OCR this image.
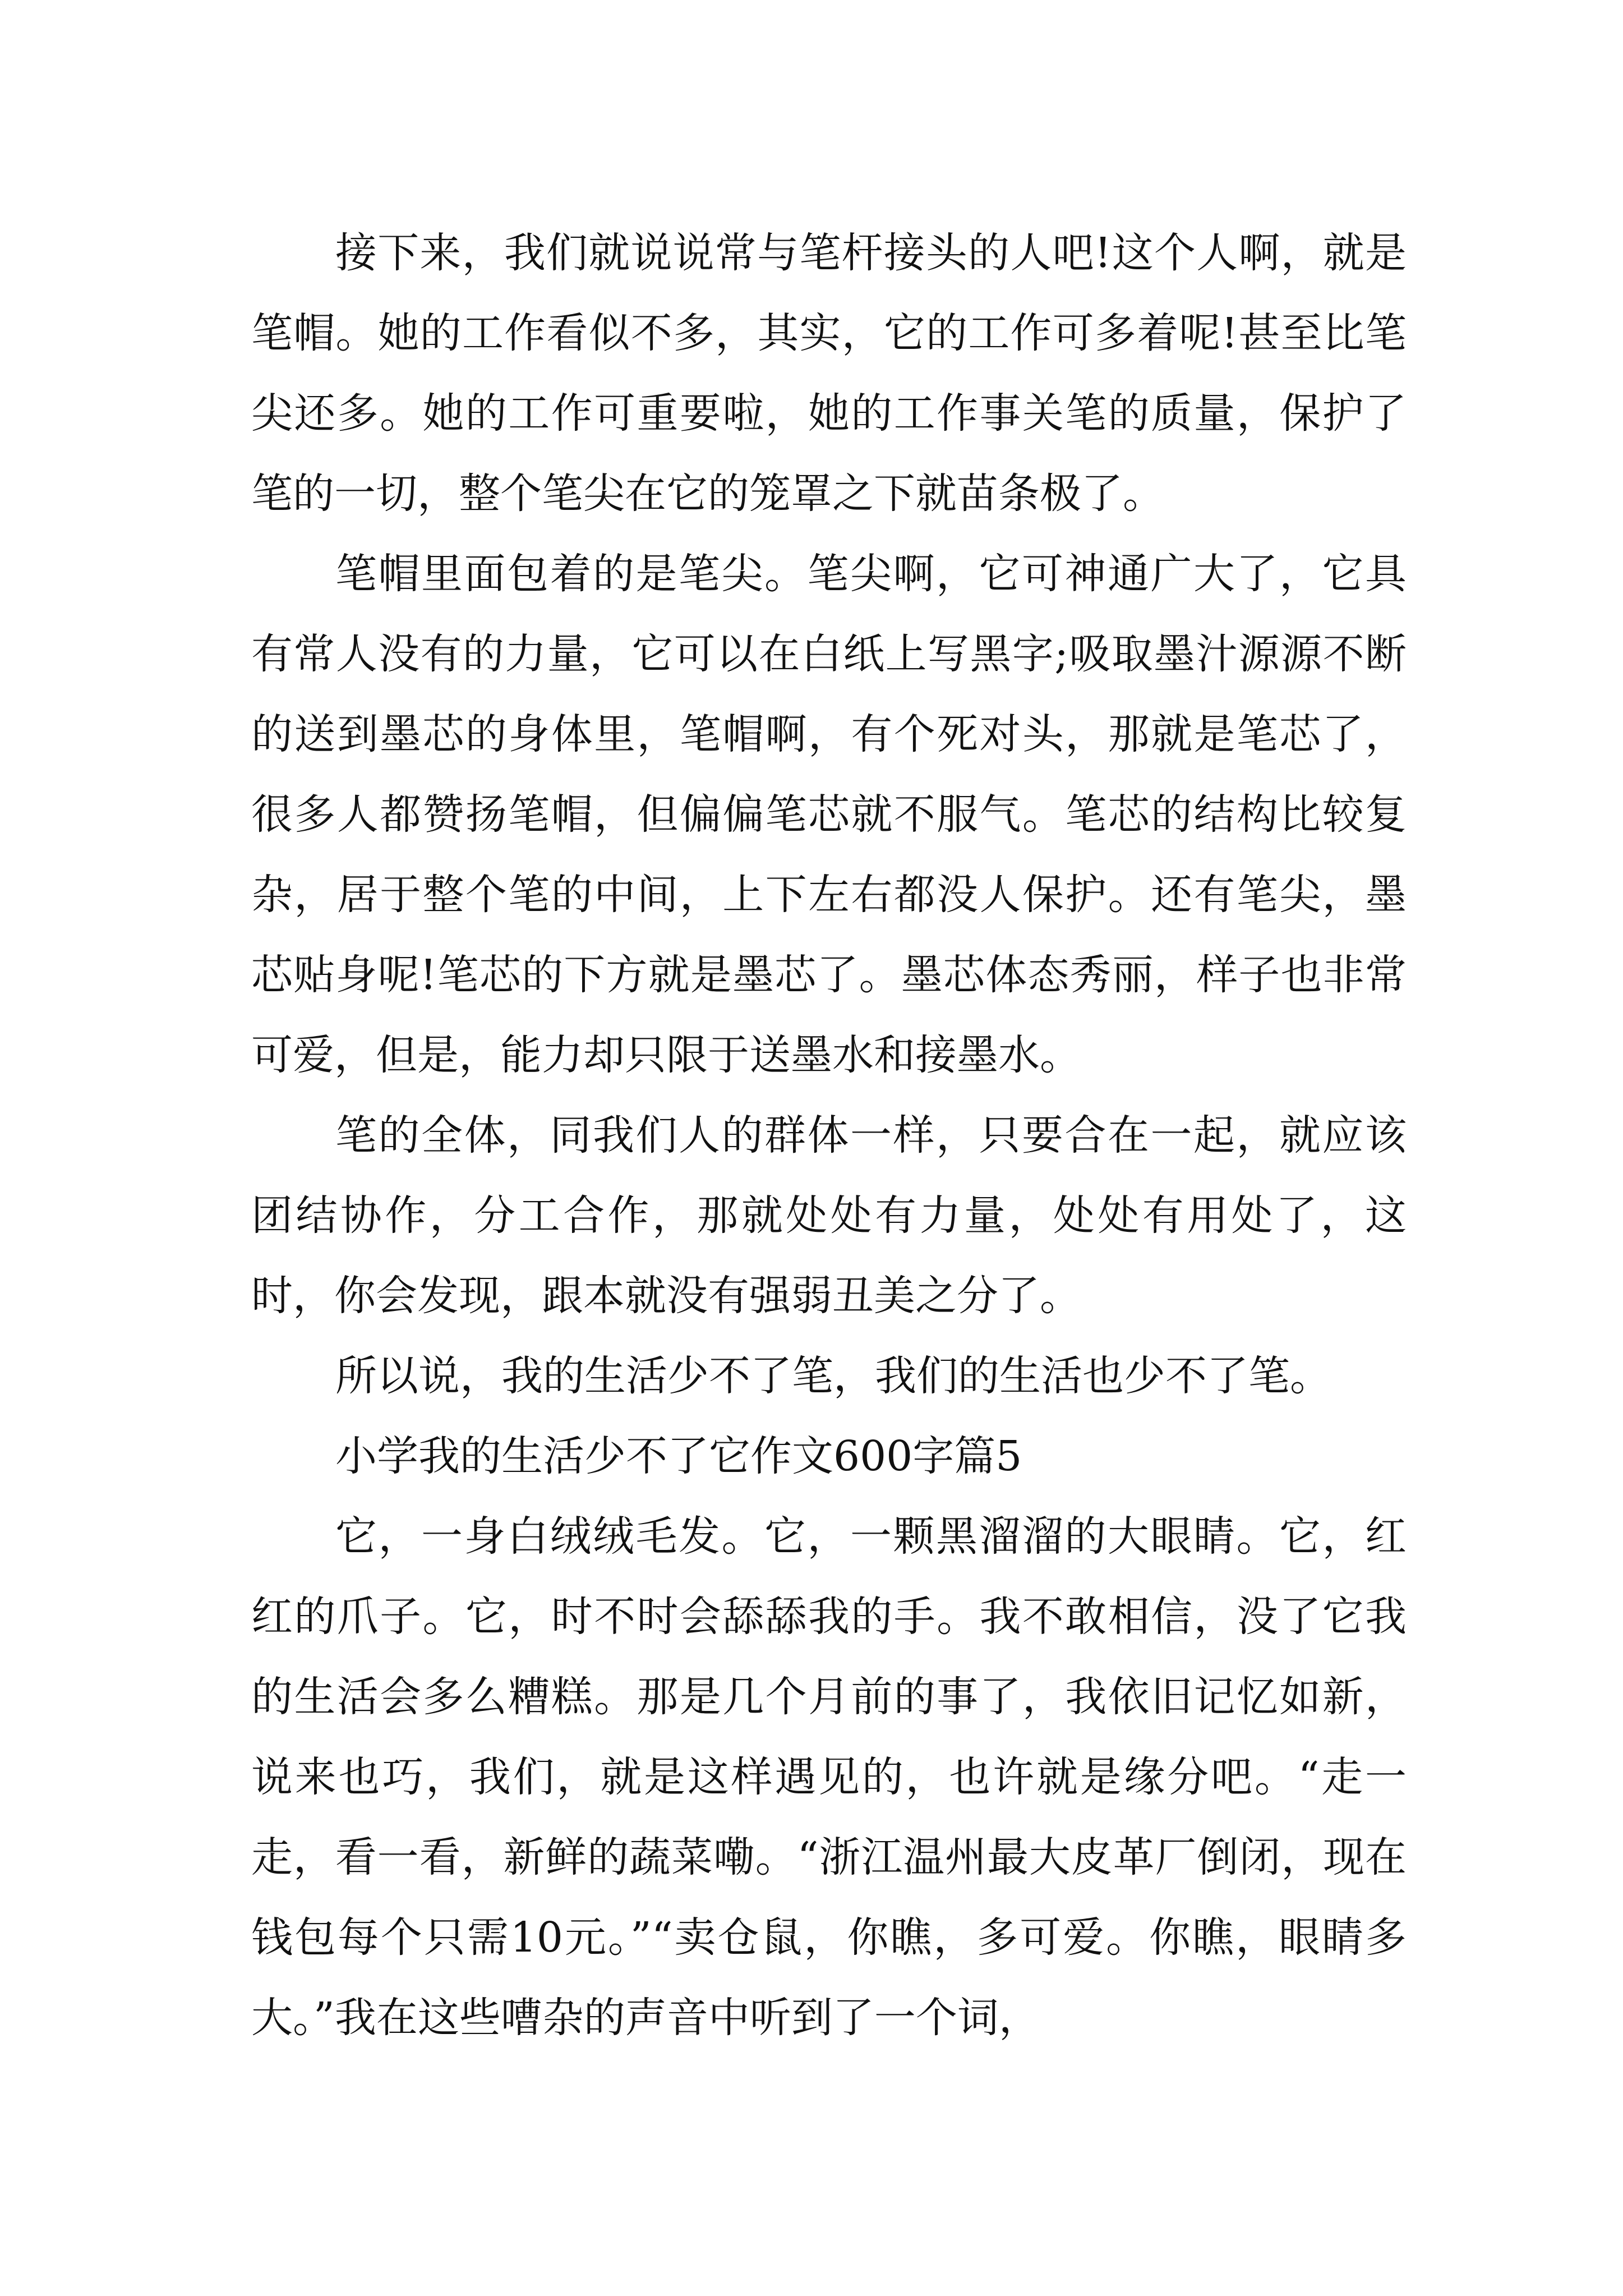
接下来，我们就说说常与笔杆接头的人吧!这个人啊，就是笔帽。她的工作看似不多，其实，它的工作可多着呢!甚至比笔尖还多。她的工作可重要啦，她的工作事关笔的质量，保护了笔的一切，整个笔尖在它的笼罩之下就苗条极了。

笔帽里面包着的是笔尖。笔尖啊，它可神通广大了，它具有常人没有的力量，它可以在白纸上写黑字;吸取墨汁源源不断的送到墨芯的身体里，笔帽啊，有个死对头，那就是笔芯了，很多人都赞扬笔帽，但偏偏笔芯就不服气。笔芯的结构比较复杂，居于整个笔的中间，上下左右都没人保护。还有笔尖，墨芯贴身呢!笔芯的下方就是墨芯了。墨芯体态秀丽，样子也非常可爱，但是，能力却只限于送墨水和接墨水。

笔的全体，同我们人的群体一样，只要合在一起，就应该团结协作，分工合作，那就处处有力量，处处有用处了，这时，你会发现，跟本就没有强弱丑美之分了。

所以说，我的生活少不了笔，我们的生活也少不了笔。

小学我的生活少不了它作文600字篇5

它，一身白绒绒毛发。它，一颗黑溜溜的大眼睛。它，红红的爪子。它，时不时会舔舔我的手。我不敢相信，没了它我的生活会多么糟糕。那是几个月前的事了，我依旧记忆如新，说来也巧，我们，就是这样遇见的，也许就是缘分吧。“走一走，看一看，新鲜的蔬菜嘞。“浙江温州最大皮革厂倒闭，现在钱包每个只需10元。”“卖仓鼠，你瞧，多可爱。你瞧，眼睛多大。”我在这些嘈杂的声音中听到了一个词，
